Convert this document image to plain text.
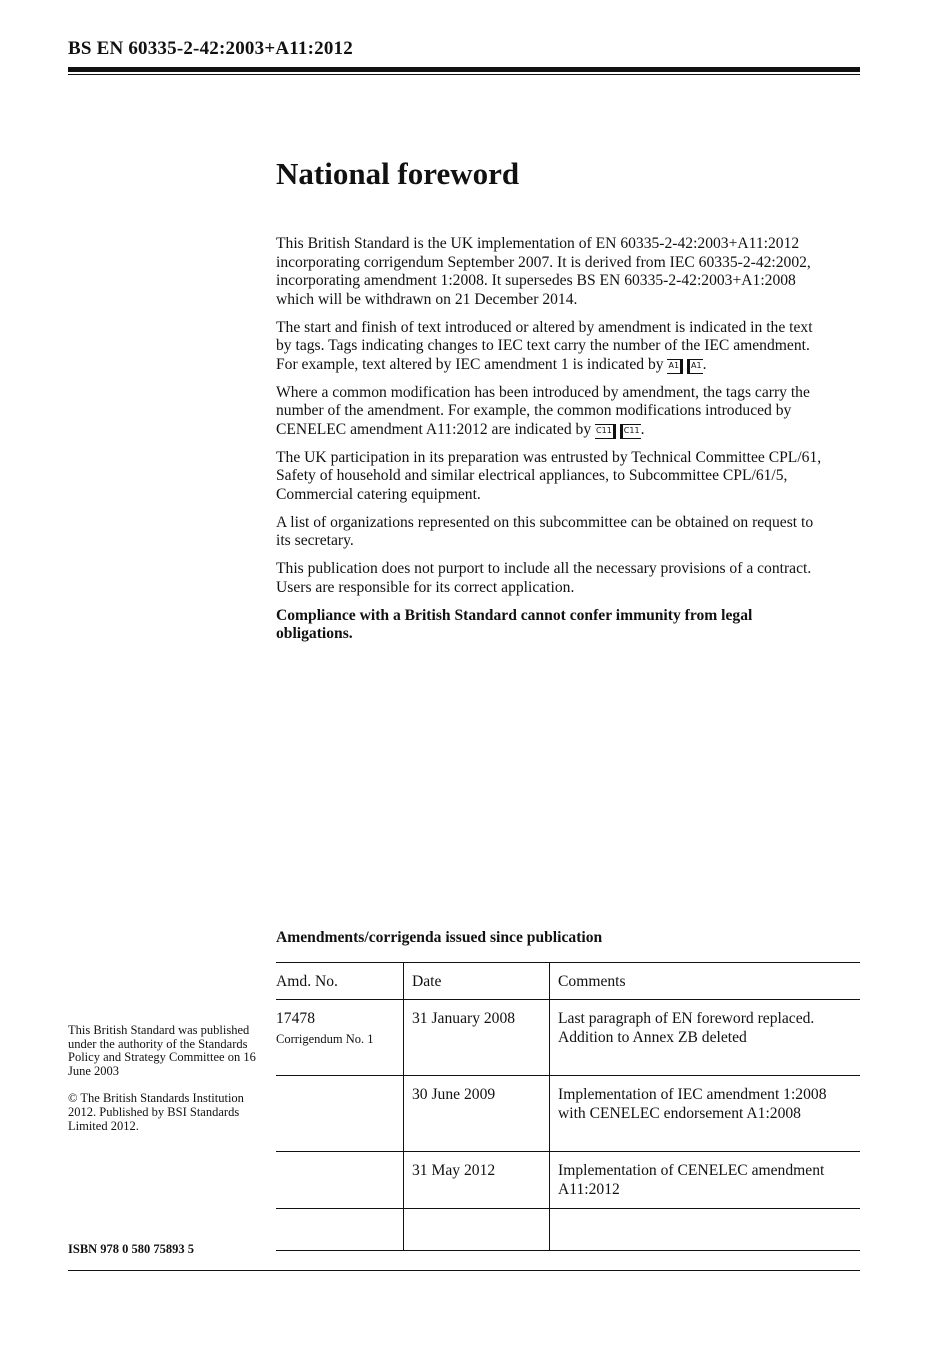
BS EN 60335-2-42:2003+A11:2012
National foreword

This British Standard is the UK implementation of EN 60335-2-42:2003+A11:2012 incorporating corrigendum September 2007. It is derived from IEC 60335-2-42:2002, incorporating amendment 1:2008. It supersedes BS EN 60335-2-42:2003+A1:2008 which will be withdrawn on 21 December 2014.

The start and finish of text introduced or altered by amendment is indicated in the text by tags. Tags indicating changes to IEC text carry the number of the IEC amendment. For example, text altered by IEC amendment 1 is indicated by A1 A1.

Where a common modification has been introduced by amendment, the tags carry the number of the amendment. For example, the common modifications introduced by CENELEC amendment A11:2012 are indicated by C11 C11.

The UK participation in its preparation was entrusted by Technical Committee CPL/61, Safety of household and similar electrical appliances, to Subcommittee CPL/61/5, Commercial catering equipment.

A list of organizations represented on this subcommittee can be obtained on request to its secretary.

This publication does not purport to include all the necessary provisions of a contract. Users are responsible for its correct application.

Compliance with a British Standard cannot confer immunity from legal obligations.

Amendments/corrigenda issued since publication
Amd. No.	Date	Comments
17478
Corrigendum No. 1	31 January 2008	Last paragraph of EN foreword replaced. Addition to Annex ZB deleted
	30 June 2009	Implementation of IEC amendment 1:2008 with CENELEC endorsement A1:2008
	31 May 2012	Implementation of CENELEC amendment A11:2012

This British Standard was published under the authority of the Standards Policy and Strategy Committee on 16 June 2003

© The British Standards Institution 2012. Published by BSI Standards Limited 2012.

ISBN 978 0 580 75893 5
